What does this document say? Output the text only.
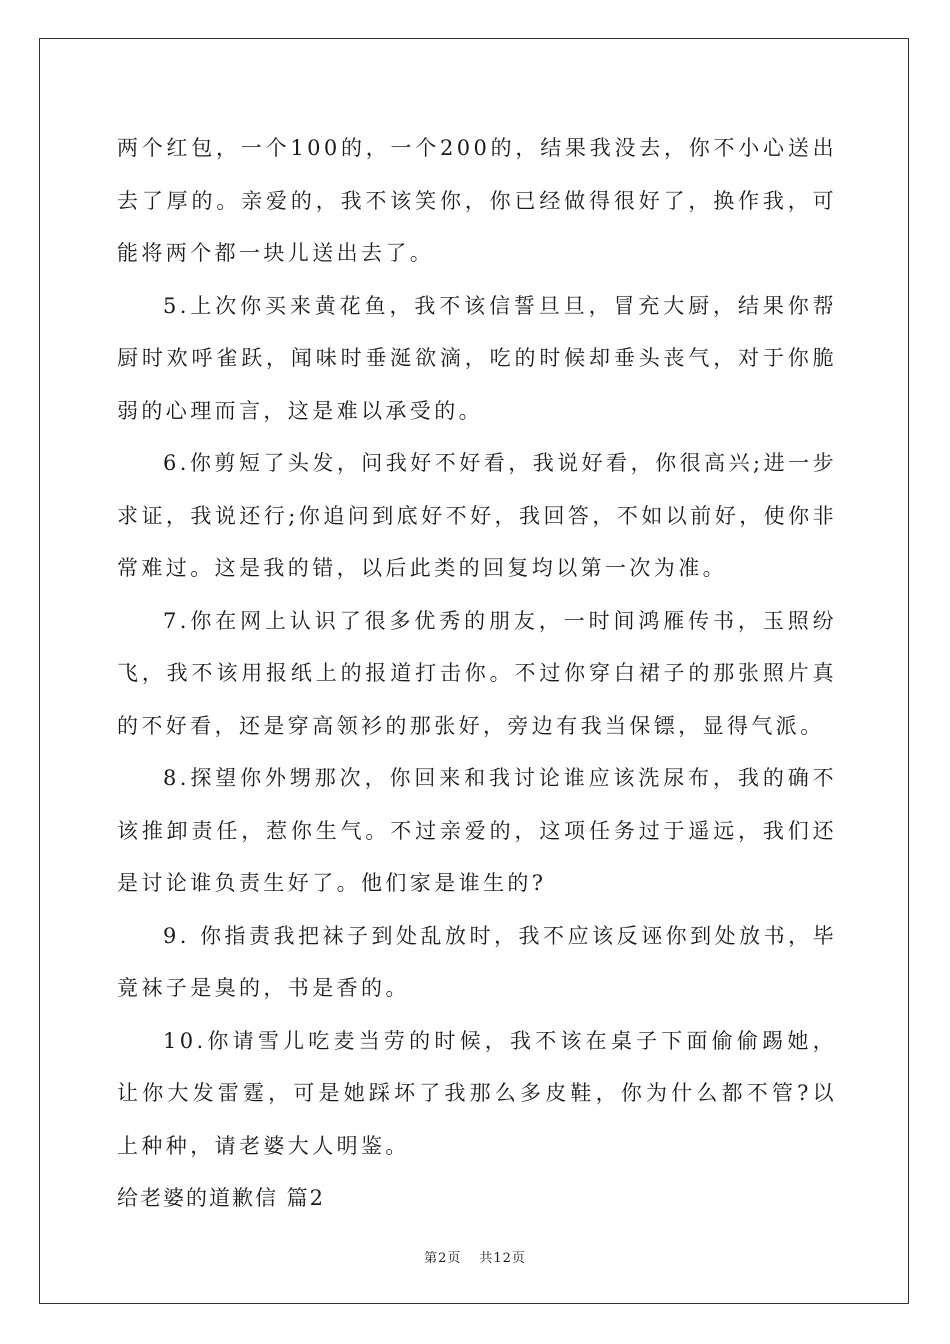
两个红包，一个100的，一个200的，结果我没去，你不小心送出去了厚的。亲爱的，我不该笑你，你已经做得很好了，换作我，可能将两个都一块儿送出去了。

5.上次你买来黄花鱼，我不该信誓旦旦，冒充大厨，结果你帮厨时欢呼雀跃，闻味时垂涎欲滴，吃的时候却垂头丧气，对于你脆弱的心理而言，这是难以承受的。

6.你剪短了头发，问我好不好看，我说好看，你很高兴;进一步求证，我说还行;你追问到底好不好，我回答，不如以前好，使你非常难过。这是我的错，以后此类的回复均以第一次为准。

7.你在网上认识了很多优秀的朋友，一时间鸿雁传书，玉照纷飞，我不该用报纸上的报道打击你。不过你穿白裙子的那张照片真的不好看，还是穿高领衫的那张好，旁边有我当保镖，显得气派。

8.探望你外甥那次，你回来和我讨论谁应该洗尿布，我的确不该推卸责任，惹你生气。不过亲爱的，这项任务过于遥远，我们还是讨论谁负责生好了。他们家是谁生的?

9. 你指责我把袜子到处乱放时，我不应该反诬你到处放书，毕竟袜子是臭的，书是香的。

10.你请雪儿吃麦当劳的时候，我不该在桌子下面偷偷踢她，让你大发雷霆，可是她踩坏了我那么多皮鞋，你为什么都不管?以上种种，请老婆大人明鉴。

给老婆的道歉信 篇2

第2页 共12页
